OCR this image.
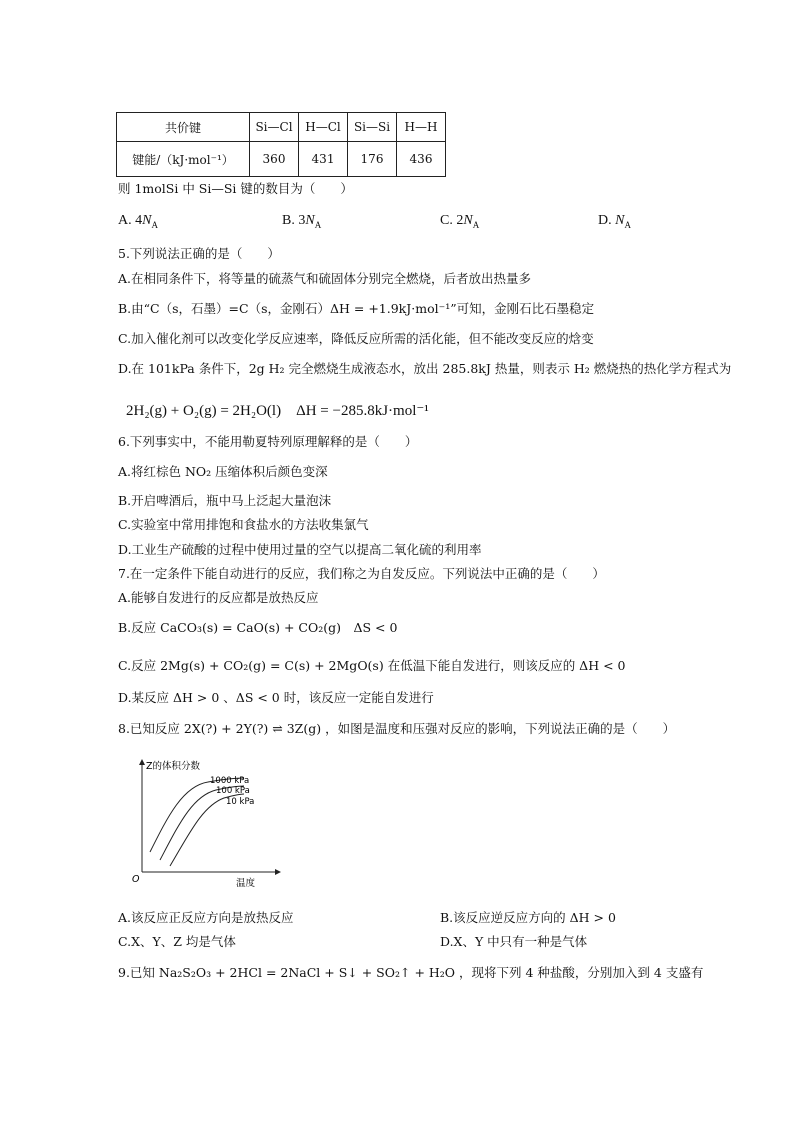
共价键	Si—Cl	H—Cl	Si—Si	H—H
键能/（kJ·mol⁻¹）	360	431	176	436
则 1molSi 中 Si—Si 键的数目为（　　）
A. $4N_A$	B. $3N_A$	C. $2N_A$	D. $N_A$
5.下列说法正确的是（　　）
A.在相同条件下，将等量的硫蒸气和硫固体分别完全燃烧，后者放出热量多
B.由“C（s，石墨）=C（s，金刚石）ΔH = +1.9kJ·mol⁻¹”可知，金刚石比石墨稳定
C.加入催化剂可以改变化学反应速率，降低反应所需的活化能，但不能改变反应的焓变
D.在 101kPa 条件下，2g H₂ 完全燃烧生成液态水，放出 285.8kJ 热量，则表示 H₂ 燃烧热的热化学方程式为
2H₂(g) + O₂(g) = 2H₂O(l)　ΔH = −285.8kJ·mol⁻¹
6.下列事实中，不能用勒夏特列原理解释的是（　　）
A.将红棕色 NO₂ 压缩体积后颜色变深
B.开启啤酒后，瓶中马上泛起大量泡沫
C.实验室中常用排饱和食盐水的方法收集氯气
D.工业生产硫酸的过程中使用过量的空气以提高二氧化硫的利用率
7.在一定条件下能自动进行的反应，我们称之为自发反应。下列说法中正确的是（　　）
A.能够自发进行的反应都是放热反应
B.反应 CaCO₃(s) = CaO(s) + CO₂(g)　ΔS < 0
C.反应 2Mg(s) + CO₂(g) = C(s) + 2MgO(s) 在低温下能自发进行，则该反应的 ΔH < 0
D.某反应 ΔH > 0 、ΔS < 0 时，该反应一定能自发进行
8.已知反应 2X(?) + 2Y(?) ⇌ 3Z(g) ，如图是温度和压强对反应的影响，下列说法正确的是（　　）
Z的体积分数
温度
O
1000 kPa
100 kPa
10 kPa
A.该反应正反应方向是放热反应	B.该反应逆反应方向的 ΔH > 0
C.X、Y、Z 均是气体	D.X、Y 中只有一种是气体
9.已知 Na₂S₂O₃ + 2HCl = 2NaCl + S↓ + SO₂↑ + H₂O ，现将下列 4 种盐酸，分别加入到 4 支盛有
